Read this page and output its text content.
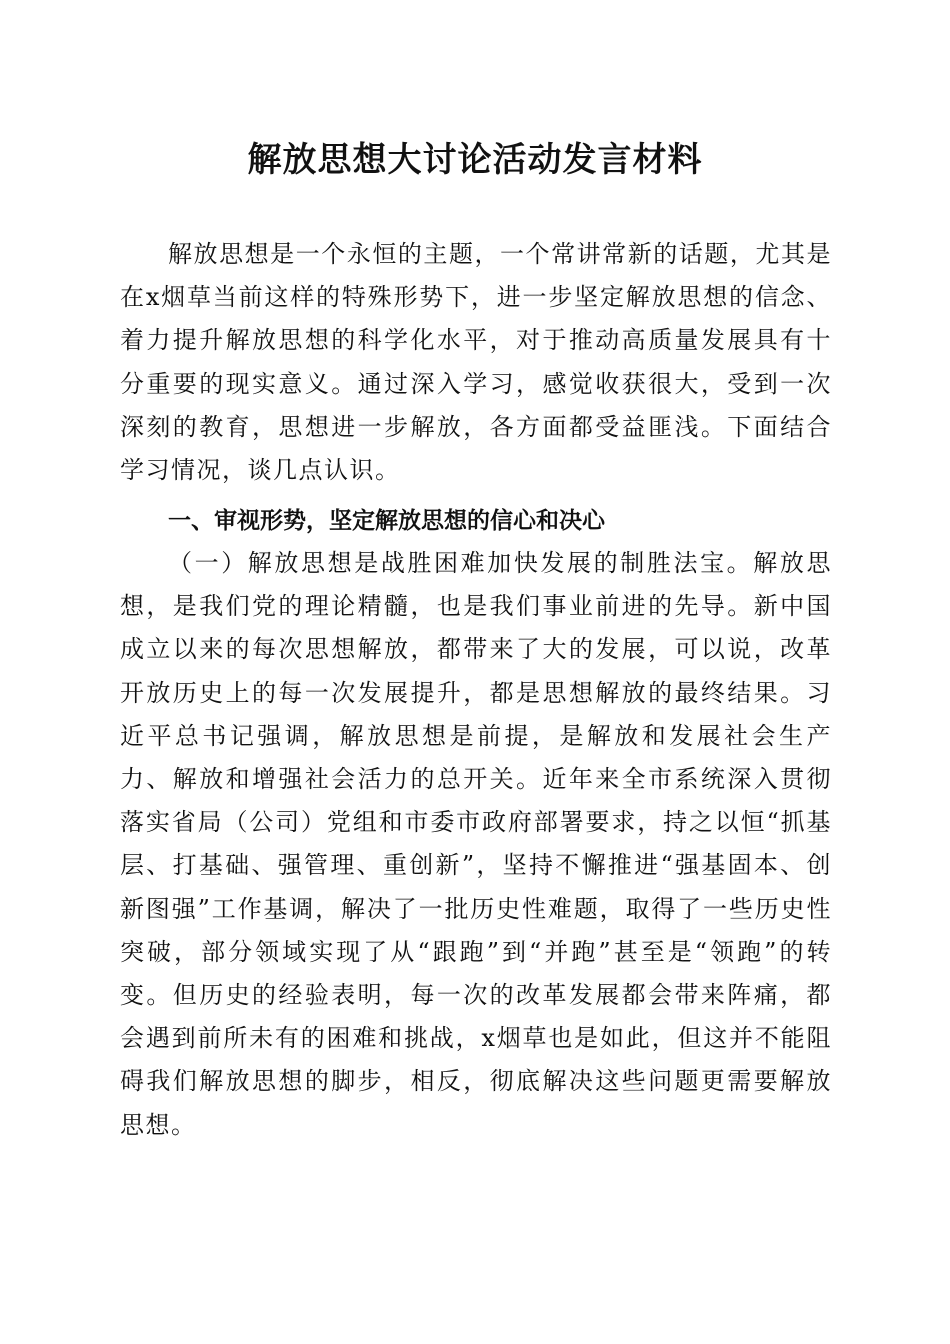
解放思想大讨论活动发言材料
解放思想是一个永恒的主题，一个常讲常新的话题，尤其是在x烟草当前这样的特殊形势下，进一步坚定解放思想的信念、着力提升解放思想的科学化水平，对于推动高质量发展具有十分重要的现实意义。通过深入学习，感觉收获很大，受到一次深刻的教育，思想进一步解放，各方面都受益匪浅。下面结合学习情况，谈几点认识。
一、审视形势，坚定解放思想的信心和决心
（一）解放思想是战胜困难加快发展的制胜法宝。解放思想，是我们党的理论精髓，也是我们事业前进的先导。新中国成立以来的每次思想解放，都带来了大的发展，可以说，改革开放历史上的每一次发展提升，都是思想解放的最终结果。习近平总书记强调，解放思想是前提，是解放和发展社会生产力、解放和增强社会活力的总开关。近年来全市系统深入贯彻落实省局（公司）党组和市委市政府部署要求，持之以恒“抓基层、打基础、强管理、重创新”，坚持不懈推进“强基固本、创新图强”工作基调，解决了一批历史性难题，取得了一些历史性突破，部分领域实现了从“跟跑”到“并跑”甚至是“领跑”的转变。但历史的经验表明，每一次的改革发展都会带来阵痛，都会遇到前所未有的困难和挑战，x烟草也是如此，但这并不能阻碍我们解放思想的脚步，相反，彻底解决这些问题更需要解放思想。
